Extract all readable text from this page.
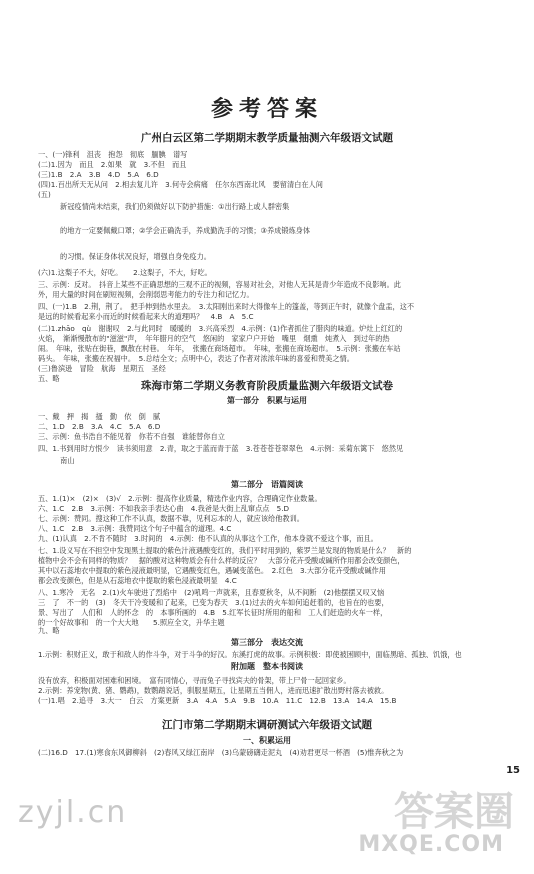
参考答案
广州白云区第二学期期末教学质量抽测六年级语文试题
珠海市第二学期义务教育阶段质量监测六年级语文试卷
第一部分　积累与运用
第二部分　语篇阅读
第三部分　表达交流
附加题　整本书阅读
江门市第二学期期末调研测试六年级语文试题
一、积累运用
一、(一)锋利　沮丧　抱怨　彻底　腼腆　谱写
(二)1.因为　而且　2.如果　就　3.不但　而且
(三)1.B　2.A　3.B　4.D　5.A　6.D
(四)1.百出所天无从问　2.相去复儿许　3.何寺会病痛　任尔东西南北风　要留清白在人间
(五)
新冠疫情尚未结束，我们仍须做好以下防护措施：①出行路上或人群密集
的地方一定要佩戴口罩；②学会正确洗手，养成勤洗手的习惯；③养成锻炼身体
的习惯。保证身体状况良好，增强自身免疫力。
(六)1.这梨子不大，好吃。　　2.这梨子，不大，好吃。
三、示例：反对。　抖音上某些不正确思想的三观不正的视频，容易对社会，对他人无其是青少年造成不良影响。此
外，用大量的时间在刷短视频，会削弱思考能力的专注力和记忆力。
四、(一)1.B　2.荆，荆了。　把手伸到热水里去。　3.太阳刚出来时大得像车上的篷盖，等到正午时，就像个盘盂，这不
是远的时候看起来小而近的时候看起来大的道理吗？　4.B　A　5.C
(二)1.zhāo　qù　谢谢叹　2.与此同时　暖暖的　3.兴高采烈　4.示例：(1)作者抓住了腊肉的味道。炉灶上红红的
火焰，　渐渐慢散布的"滋滋"声，　年年腊月的空气　悠闲的　家家户户开始　嘴里　烟熏　炖煮入　到过年的热
闹。　年味，张贴在街巷，飘散在村巷。　年年，　张搬在商场超市。　年味，张搬在商场超市。　5.示例：张搬在车站
码头。　年味，张搬在祝福中。　5.总结全文；点明中心，表达了作者对浓浓年味的喜爱和赞美之情。
(三)鲁滨逊　冒险　航海　星期五　圣经
五、略
一、戴　押　揭　搔　勤　依　倒　腻
二、1.D　2.B　3.A　4.C　5.A　6.D
三、示例：鱼书浩自不能见着　你若不自强　谁能替你自立
四、1.书到用时方恨少　读书须用意　2.青，取之于蓝而青于蓝　3.苍苍苍苍翠翠色　4.示例：采菊东篱下　悠然见
南山
五、1.(1)×　(2)×　(3)√　2.示例：提高作业质量，精选作业内容，合理确定作业数量。
六、1.C　2.B　3.示例：不如我亲手表达心曲　4.我爸是大街上乱窜点点　5.D
七、示例：赞同。搜这种工作不认真，数据不靠，见利忘本的人，就应该给他教训。
八、1.C　2.B　3.示例：我赞同这个句子中蕴含的道理。4.C
九、(1)认真　2.不肯不随时　3.时间的　4.示例：他不认真的从事这个工作，他本身就不爱这个事，而且。
七、1.设义写在不担空中发现黑土提取的紫色汁液遇酸变红的，我们平时用到的，紫罗兰是发现的物质是什么？　新的
植物中会不会有同样的物质？　据的酸对这种物质会有什么样的反应？　大部分花卉受酸或碱所作用都会改变颜色，
其中以石蕊地衣中提取的紫色浸液最明显，它遇酸变红色，遇碱变蓝色。　2.红色　3.大部分花卉受酸或碱作用
都会改变颜色，但是从石蕊地衣中提取的紫色浸液最明显　4.C
八、1.寒冷　无名　2.(1)火车驶进了烈焰中　(2)吼鸣一声就来，且春夏秋冬，从不间断　(2)他摆摆又叹又恼
三　了　不一的　(3)　冬天干冷变暖和了起来，已变为春天　3.(1)过去的火车如何追赶着的，也旨在的也要，
景、写出了　人们和　人的怀念　的　本事所画的　4.B　5.红军长征时所用的船和　工人们赶造的火车一样，
的一个好故事和　的一个大大地　　5.照应全文，升华主题
九、略
1.示例：积财正义，敢于和敌人的作斗争，对于斗争的好汉。东溪打虎的故事。示例积极：即使被困顾中，面临黑暗、孤独、饥饿，也
没有放弃，积极面对困难和困境。　富有同情心，寻而兔子寻找宾夫的骨架，带上尸骨一起回家乡。
2.示例：养宠物(黄、猪、鹦鹉)，数鹦鹉说话，驯服星期五，让星期五当佣人，进而迅速扩散出野村落去被救。
(一)1.唱　2.追寻　3.大一　白云　方案更新　3.A　4.A　5.A　9.B　10.A　11.C　12.B　13.A　14.A　15.B
(二)16.D　17.(1)寒食东风御柳斜　(2)春风又绿江南岸　(3)乌蒙磅礴走泥丸　(4)劝君更尽一杯酒　(5)惟奔秋之为
15
zyjl.cn	答案圈
MXQE.COM
